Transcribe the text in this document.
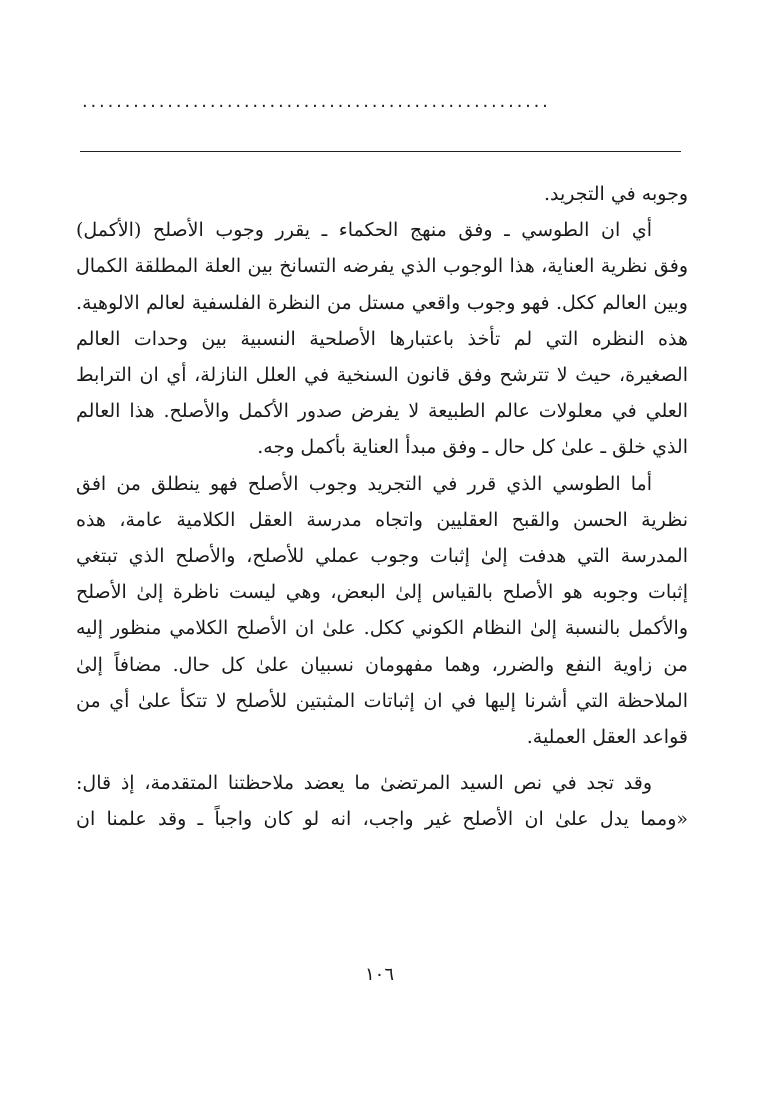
.......................................................

وجوبه في التجريد.

أي ان الطوسي ـ وفق منهج الحكماء ـ يقرر وجوب الأصلح (الأكمل)
وفق نظرية العناية، هذا الوجوب الذي يفرضه التسانخ بين العلة المطلقة الكمال
وبين العالم ككل. فهو وجوب واقعي مستل من النظرة الفلسفية لعالم الالوهية.
هذه النظره التي لم تأخذ باعتبارها الأصلحية النسبية بين وحدات العالم
الصغيرة، حيث لا تترشح وفق قانون السنخية في العلل النازلة، أي ان الترابط
العلي في معلولات عالم الطبيعة لا يفرض صدور الأكمل والأصلح. هذا العالم
الذي خلق ـ علىٰ كل حال ـ وفق مبدأ العناية بأكمل وجه.

أما الطوسي الذي قرر في التجريد وجوب الأصلح فهو ينطلق من افق
نظرية الحسن والقبح العقليين واتجاه مدرسة العقل الكلامية عامة، هذه
المدرسة التي هدفت إلىٰ إثبات وجوب عملي للأصلح، والأصلح الذي تبتغي
إثبات وجوبه هو الأصلح بالقياس إلىٰ البعض، وهي ليست ناظرة إلىٰ الأصلح
والأكمل بالنسبة إلىٰ النظام الكوني ككل. علىٰ ان الأصلح الكلامي منظور إليه
من زاوية النفع والضرر، وهما مفهومان نسبيان علىٰ كل حال. مضافاً إلىٰ
الملاحظة التي أشرنا إليها في ان إثباتات المثبتين للأصلح لا تتكأ علىٰ أي من
قواعد العقل العملية.

وقد تجد في نص السيد المرتضىٰ ما يعضد ملاحظتنا المتقدمة، إذ قال:
«ومما يدل علىٰ ان الأصلح غير واجب، انه لو كان واجباً ـ وقد علمنا ان

١٠٦
